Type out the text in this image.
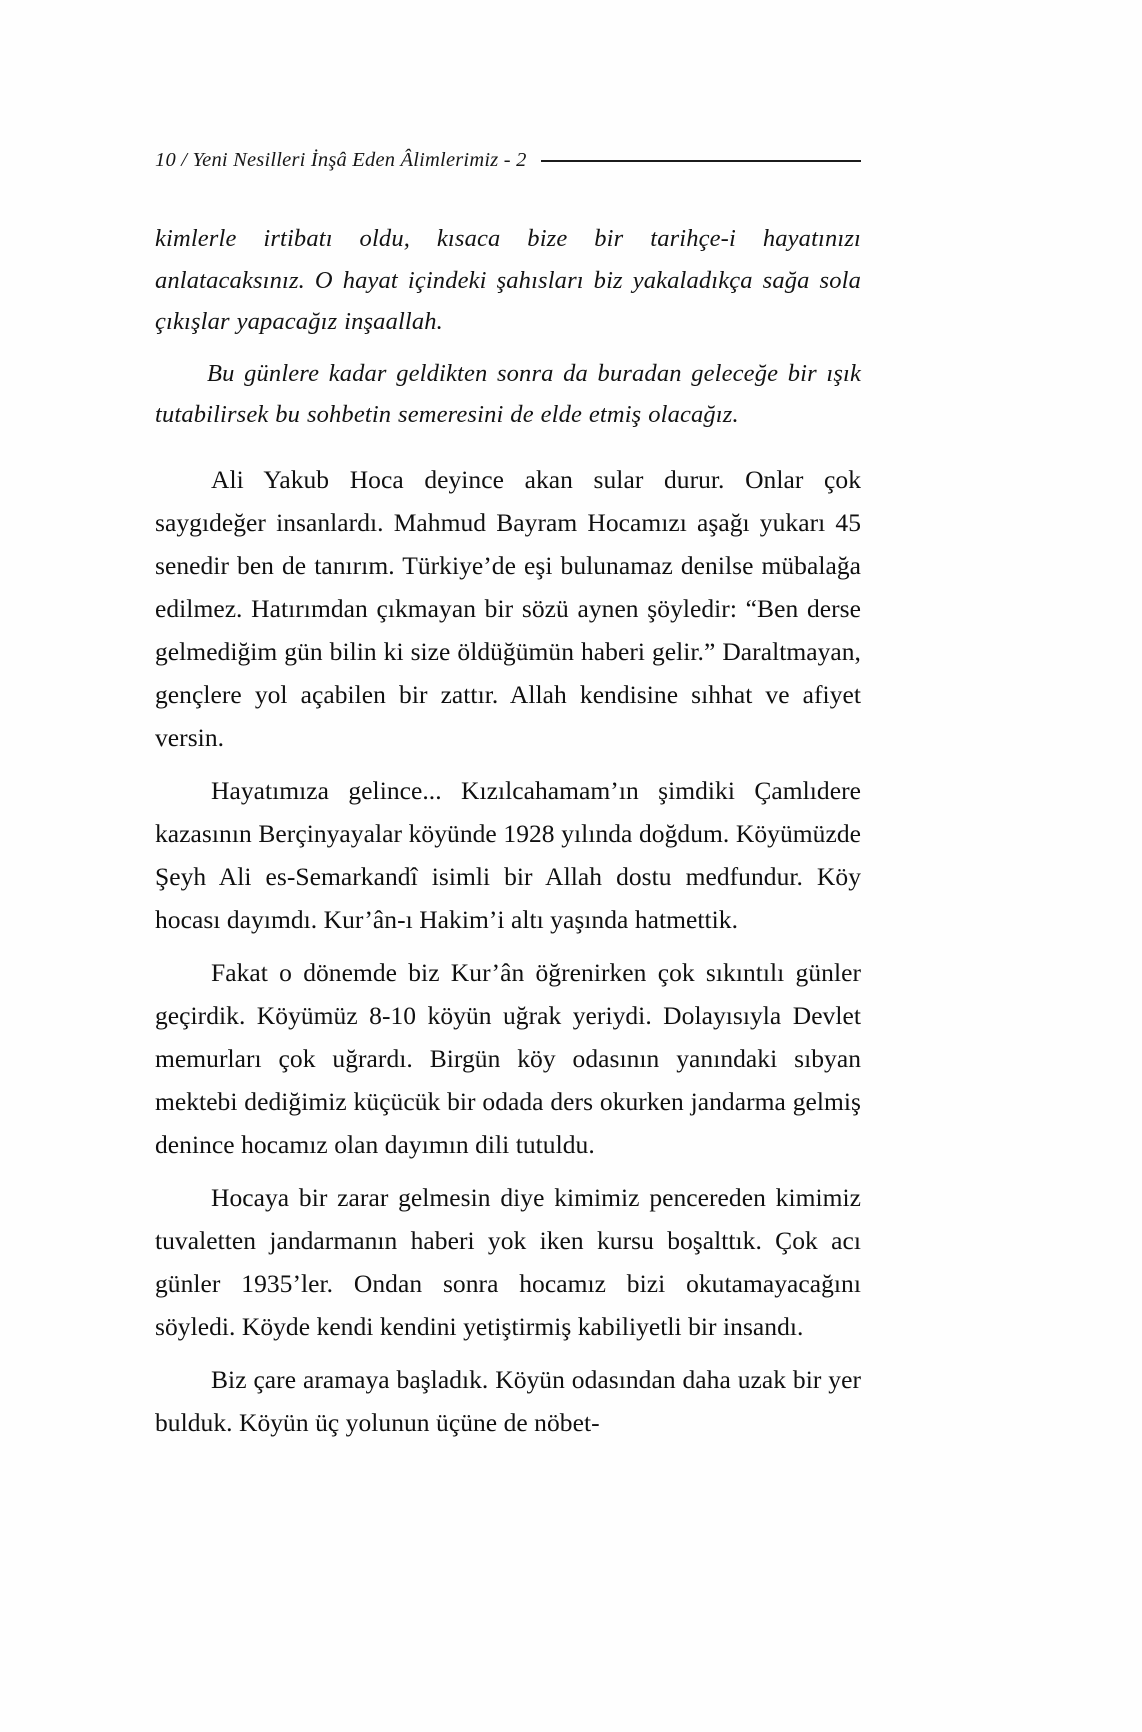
10 / Yeni Nesilleri İnşâ Eden Âlimlerimiz - 2

kimlerle irtibatı oldu, kısaca bize bir tarihçe-i hayatınızı anlatacaksınız. O hayat içindeki şahısları biz yakaladıkça sağa sola çıkışlar yapacağız inşaallah.

Bu günlere kadar geldikten sonra da buradan geleceğe bir ışık tutabilirsek bu sohbetin semeresini de elde etmiş olacağız.

Ali Yakub Hoca deyince akan sular durur. Onlar çok saygıdeğer insanlardı. Mahmud Bayram Hocamızı aşağı yukarı 45 senedir ben de tanırım. Türkiye’de eşi bulunamaz denilse mübalağa edilmez. Hatırımdan çıkmayan bir sözü aynen şöyledir: “Ben derse gelmediğim gün bilin ki size öldüğümün haberi gelir.” Daraltmayan, gençlere yol açabilen bir zattır. Allah kendisine sıhhat ve afiyet versin.

Hayatımıza gelince... Kızılcahamam’ın şimdiki Çamlıdere kazasının Berçinyayalar köyünde 1928 yılında doğdum. Köyümüzde Şeyh Ali es-Semarkandî isimli bir Allah dostu medfundur. Köy hocası dayımdı. Kur’ân-ı Hakim’i altı yaşında hatmettik.

Fakat o dönemde biz Kur’ân öğrenirken çok sıkıntılı günler geçirdik. Köyümüz 8-10 köyün uğrak yeriydi. Dolayısıyla Devlet memurları çok uğrardı. Birgün köy odasının yanındaki sıbyan mektebi dediğimiz küçücük bir odada ders okurken jandarma gelmiş denince hocamız olan dayımın dili tutuldu.

Hocaya bir zarar gelmesin diye kimimiz pencereden kimimiz tuvaletten jandarmanın haberi yok iken kursu boşalttık. Çok acı günler 1935’ler. Ondan sonra hocamız bizi okutamayacağını söyledi. Köyde kendi kendini yetiştirmiş kabiliyetli bir insandı.

Biz çare aramaya başladık. Köyün odasından daha uzak bir yer bulduk. Köyün üç yolunun üçüne de nöbet-
